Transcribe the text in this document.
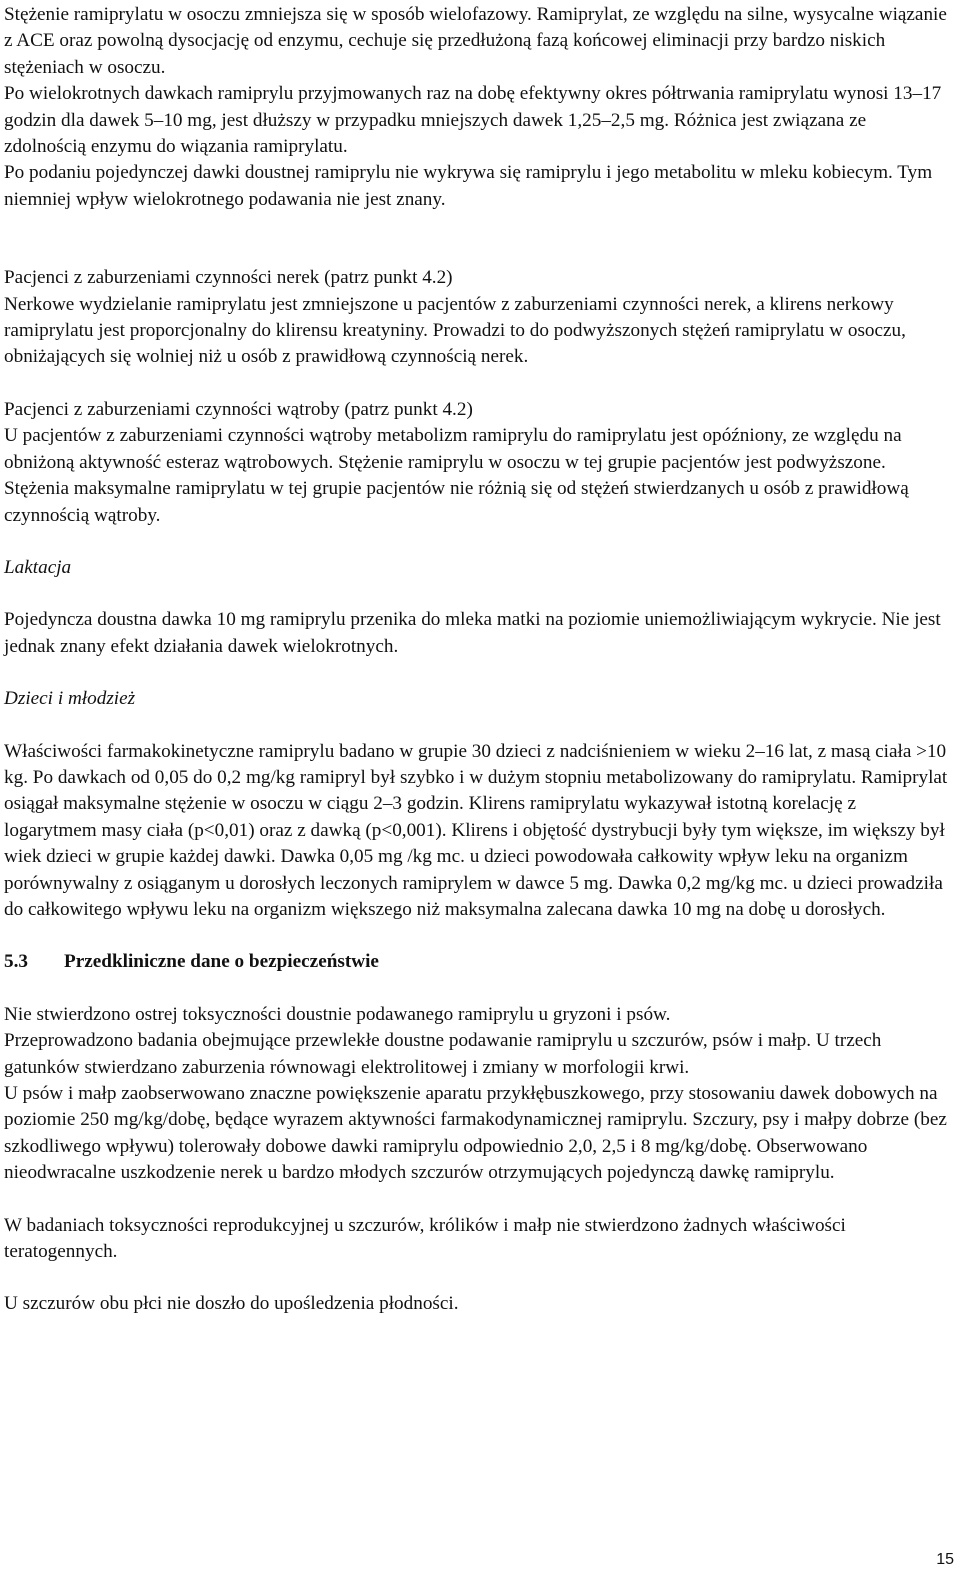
Stężenie ramiprylatu w osoczu zmniejsza się w sposób wielofazowy. Ramiprylat, ze względu na silne, wysycalne wiązanie z ACE oraz powolną dysocjację od enzymu, cechuje się przedłużoną fazą końcowej eliminacji przy bardzo niskich stężeniach w osoczu.

Po wielokrotnych dawkach ramiprylu przyjmowanych raz na dobę efektywny okres półtrwania ramiprylatu wynosi 13–17 godzin dla dawek 5–10 mg, jest dłuższy w przypadku mniejszych dawek 1,25–2,5 mg. Różnica jest związana ze zdolnością enzymu do wiązania ramiprylatu.

Po podaniu pojedynczej dawki doustnej ramiprylu nie wykrywa się ramiprylu i jego metabolitu w mleku kobiecym. Tym niemniej wpływ wielokrotnego podawania nie jest znany.

Pacjenci z zaburzeniami czynności nerek (patrz punkt 4.2)

Nerkowe wydzielanie ramiprylatu jest zmniejszone u pacjentów z zaburzeniami czynności nerek, a klirens nerkowy ramiprylatu jest proporcjonalny do klirensu kreatyniny. Prowadzi to do podwyższonych stężeń ramiprylatu w osoczu, obniżających się wolniej niż u osób z prawidłową czynnością nerek.

Pacjenci z zaburzeniami czynności wątroby (patrz punkt 4.2)

U pacjentów z zaburzeniami czynności wątroby metabolizm ramiprylu do ramiprylatu jest opóźniony, ze względu na obniżoną aktywność esteraz wątrobowych. Stężenie ramiprylu w osoczu w tej grupie pacjentów jest podwyższone. Stężenia maksymalne ramiprylatu w tej grupie pacjentów nie różnią się od stężeń stwierdzanych u osób z prawidłową czynnością wątroby.

Laktacja

Pojedyncza doustna dawka 10 mg ramiprylu przenika do mleka matki na poziomie uniemożliwiającym wykrycie. Nie jest jednak znany efekt działania dawek wielokrotnych.

Dzieci i młodzież

Właściwości farmakokinetyczne ramiprylu badano w grupie 30 dzieci z nadciśnieniem w wieku 2–16 lat, z masą ciała >10 kg. Po dawkach od 0,05 do 0,2 mg/kg ramipryl był szybko i w dużym stopniu metabolizowany do ramiprylatu. Ramiprylat osiągał maksymalne stężenie w osoczu w ciągu 2–3 godzin. Klirens ramiprylatu wykazywał istotną korelację z logarytmem masy ciała (p<0,01) oraz z dawką (p<0,001). Klirens i objętość dystrybucji były tym większe, im większy był wiek dzieci w grupie każdej dawki. Dawka 0,05 mg /kg mc. u dzieci powodowała całkowity wpływ leku na organizm porównywalny z osiąganym u dorosłych leczonych ramiprylem w dawce 5 mg. Dawka 0,2 mg/kg mc. u dzieci prowadziła do całkowitego wpływu leku na organizm większego niż maksymalna zalecana dawka 10 mg na dobę u dorosłych.

5.3	Przedkliniczne dane o bezpieczeństwie

Nie stwierdzono ostrej toksyczności doustnie podawanego ramiprylu u gryzoni i psów.

Przeprowadzono badania obejmujące przewlekłe doustne podawanie ramiprylu u szczurów, psów i małp. U trzech gatunków stwierdzano zaburzenia równowagi elektrolitowej i zmiany w morfologii krwi.

U psów i małp zaobserwowano znaczne powiększenie aparatu przykłębuszkowego, przy stosowaniu dawek dobowych na poziomie 250 mg/kg/dobę, będące wyrazem aktywności farmakodynamicznej ramiprylu. Szczury, psy i małpy dobrze (bez szkodliwego wpływu) tolerowały dobowe dawki ramiprylu odpowiednio 2,0, 2,5 i 8 mg/kg/dobę. Obserwowano nieodwracalne uszkodzenie nerek u bardzo młodych szczurów otrzymujących pojedynczą dawkę ramiprylu.

W badaniach toksyczności reprodukcyjnej u szczurów, królików i małp nie stwierdzono żadnych właściwości teratogennych.

U szczurów obu płci nie doszło do upośledzenia płodności.

15
